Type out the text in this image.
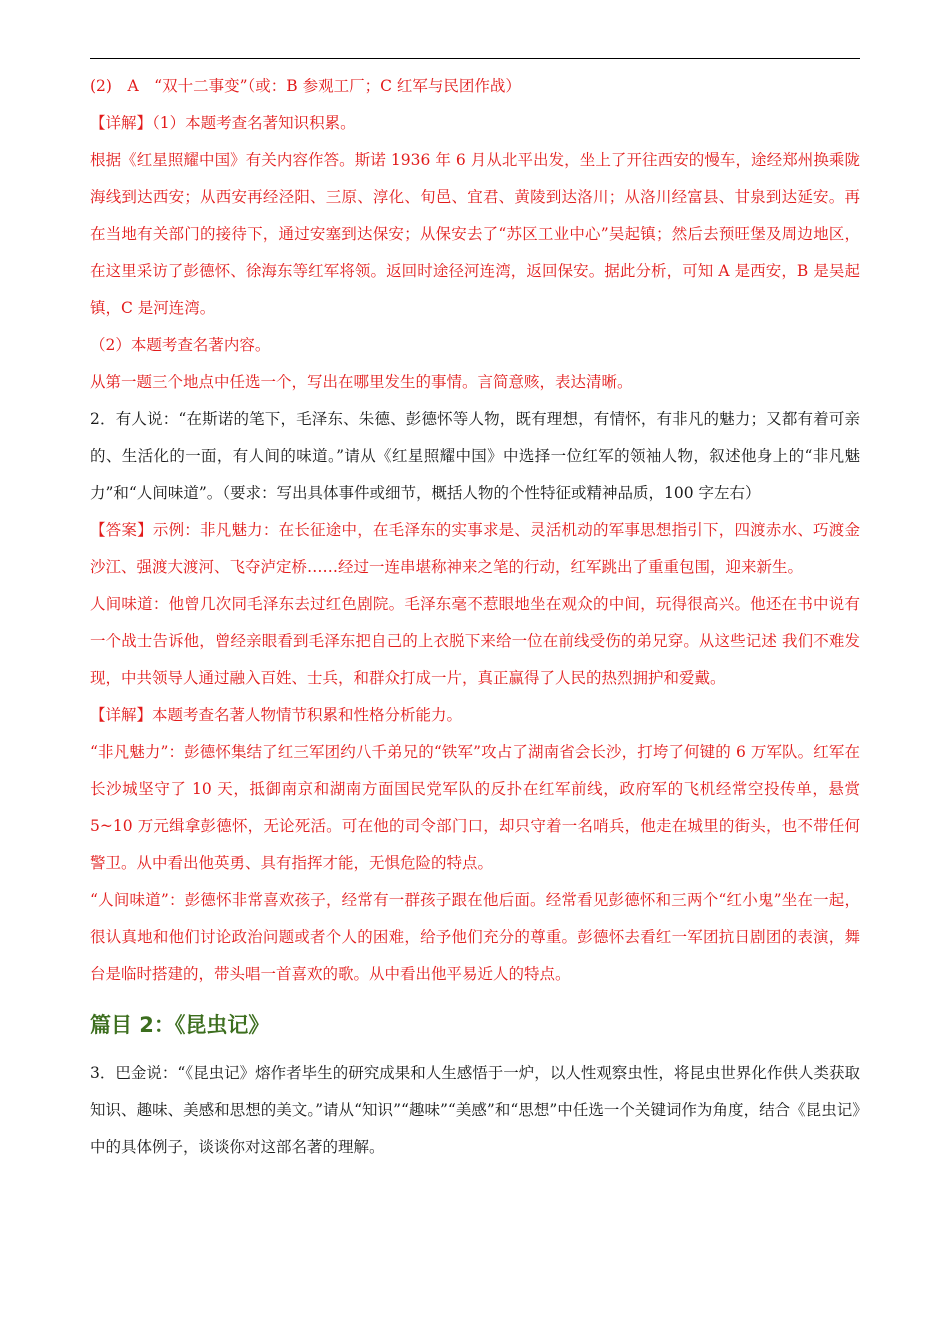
(2)　A　“双十二事变”（或：B 参观工厂；C 红军与民团作战）

【详解】（1）本题考查名著知识积累。

根据《红星照耀中国》有关内容作答。斯诺 1936 年 6 月从北平出发，坐上了开往西安的慢车，途经郑州换乘陇海线到达西安；从西安再经泾阳、三原、淳化、旬邑、宜君、黄陵到达洛川；从洛川经富县、甘泉到达延安。再在当地有关部门的接待下，通过安塞到达保安；从保安去了“苏区工业中心”吴起镇；然后去预旺堡及周边地区，在这里采访了彭德怀、徐海东等红军将领。返回时途径河连湾，返回保安。据此分析，可知 A 是西安，B 是吴起镇，C 是河连湾。

（2）本题考查名著内容。

从第一题三个地点中任选一个，写出在哪里发生的事情。言简意赅，表达清晰。

2．有人说：“在斯诺的笔下，毛泽东、朱德、彭德怀等人物，既有理想，有情怀，有非凡的魅力；又都有着可亲的、生活化的一面，有人间的味道。”请从《红星照耀中国》中选择一位红军的领袖人物，叙述他身上的“非凡魅力”和“人间味道”。（要求：写出具体事件或细节，概括人物的个性特征或精神品质，100 字左右）

【答案】示例：非凡魅力：在长征途中，在毛泽东的实事求是、灵活机动的军事思想指引下，四渡赤水、巧渡金沙江、强渡大渡河、飞夺泸定桥……经过一连串堪称神来之笔的行动，红军跳出了重重包围，迎来新生。

人间味道：他曾几次同毛泽东去过红色剧院。毛泽东毫不惹眼地坐在观众的中间，玩得很高兴。他还在书中说有一个战士告诉他，曾经亲眼看到毛泽东把自己的上衣脱下来给一位在前线受伤的弟兄穿。从这些记述 我们不难发现，中共领导人通过融入百姓、士兵，和群众打成一片，真正赢得了人民的热烈拥护和爱戴。

【详解】本题考查名著人物情节积累和性格分析能力。

“非凡魅力”：彭德怀集结了红三军团约八千弟兄的“铁军”攻占了湖南省会长沙，打垮了何键的 6 万军队。红军在长沙城坚守了 10 天，抵御南京和湖南方面国民党军队的反扑在红军前线，政府军的飞机经常空投传单，悬赏 5~10 万元缉拿彭德怀，无论死活。可在他的司令部门口，却只守着一名哨兵，他走在城里的街头，也不带任何警卫。从中看出他英勇、具有指挥才能，无惧危险的特点。

“人间味道”：彭德怀非常喜欢孩子，经常有一群孩子跟在他后面。经常看见彭德怀和三两个“红小鬼”坐在一起，很认真地和他们讨论政治问题或者个人的困难，给予他们充分的尊重。彭德怀去看红一军团抗日剧团的表演，舞台是临时搭建的，带头唱一首喜欢的歌。从中看出他平易近人的特点。

篇目 2：《昆虫记》

3．巴金说：“《昆虫记》熔作者毕生的研究成果和人生感悟于一炉，以人性观察虫性，将昆虫世界化作供人类获取知识、趣味、美感和思想的美文。”请从“知识”“趣味”“美感”和“思想”中任选一个关键词作为角度，结合《昆虫记》中的具体例子，谈谈你对这部名著的理解。
